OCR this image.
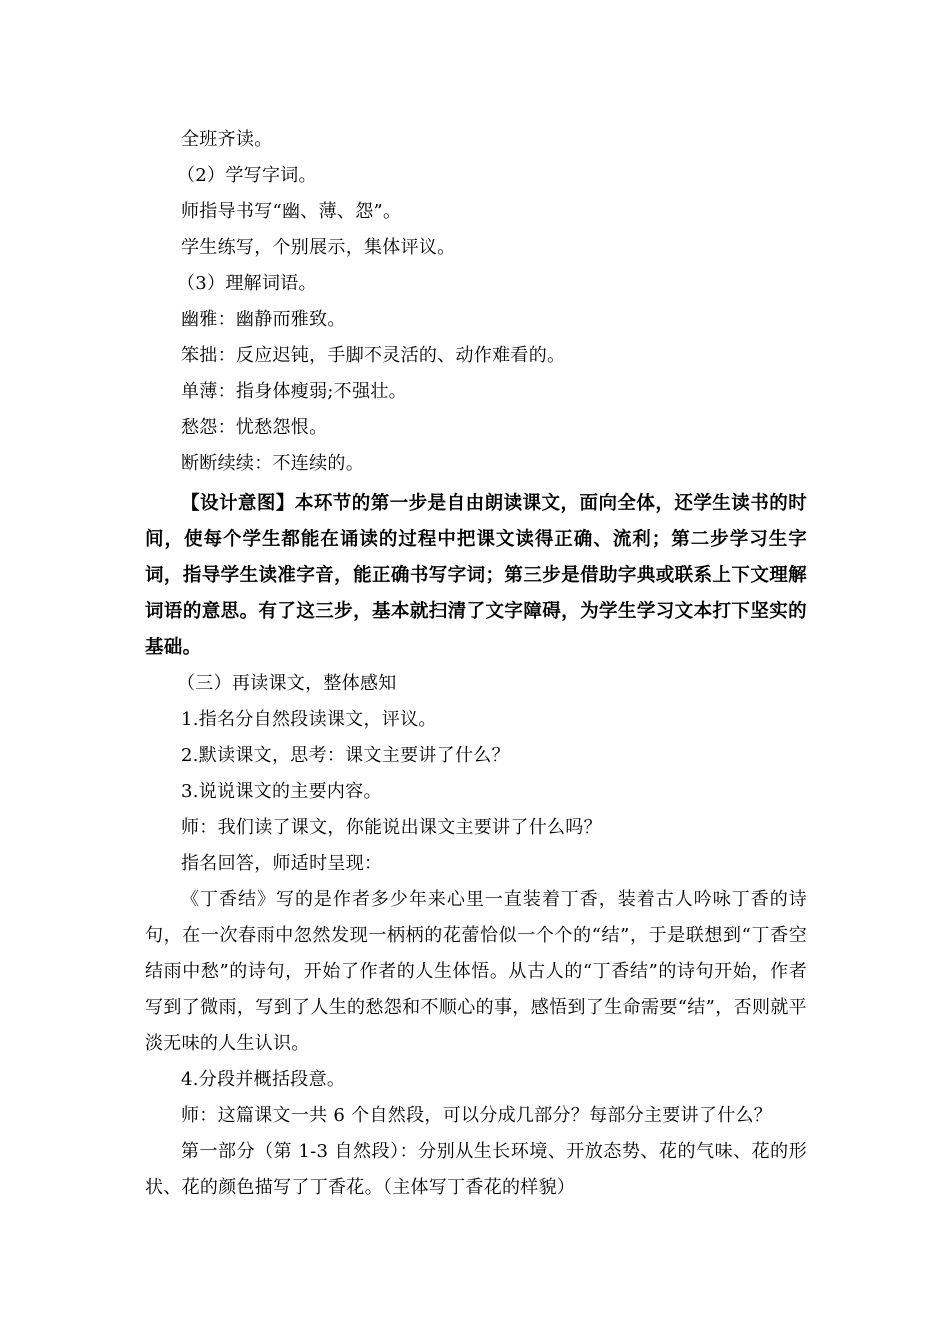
全班齐读。

（2）学写字词。

师指导书写“幽、薄、怨”。

学生练写，个别展示，集体评议。

（3）理解词语。

幽雅：幽静而雅致。

笨拙：反应迟钝，手脚不灵活的、动作难看的。

单薄：指身体瘦弱;不强壮。

愁怨：忧愁怨恨。

断断续续：不连续的。

【设计意图】本环节的第一步是自由朗读课文，面向全体，还学生读书的时间，使每个学生都能在诵读的过程中把课文读得正确、流利；第二步学习生字词，指导学生读准字音，能正确书写字词；第三步是借助字典或联系上下文理解词语的意思。有了这三步，基本就扫清了文字障碍，为学生学习文本打下坚实的基础。

（三）再读课文，整体感知

1.指名分自然段读课文，评议。

2.默读课文，思考：课文主要讲了什么？

3.说说课文的主要内容。

师：我们读了课文，你能说出课文主要讲了什么吗？

指名回答，师适时呈现：

《丁香结》写的是作者多少年来心里一直装着丁香，装着古人吟咏丁香的诗句，在一次春雨中忽然发现一柄柄的花蕾恰似一个个的“结”，于是联想到“丁香空结雨中愁”的诗句，开始了作者的人生体悟。从古人的“丁香结”的诗句开始，作者写到了微雨，写到了人生的愁怨和不顺心的事，感悟到了生命需要“结”，否则就平淡无味的人生认识。

4.分段并概括段意。

师：这篇课文一共 6 个自然段，可以分成几部分？每部分主要讲了什么？

第一部分（第 1-3 自然段）：分别从生长环境、开放态势、花的气味、花的形状、花的颜色描写了丁香花。（主体写丁香花的样貌）
